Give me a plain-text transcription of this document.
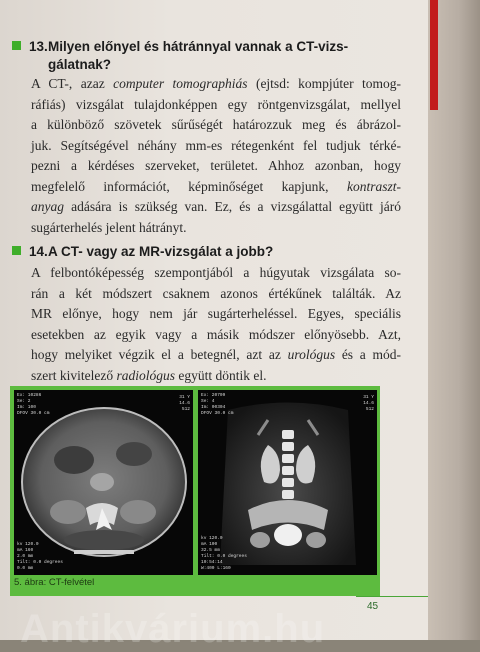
13.Milyen előnyel és hátránnyal vannak a CT-vizs-
gálatnak?
A CT-, azaz computer tomographiás (ejtsd: kompjúter tomog-
ráfiás) vizsgálat tulajdonképpen egy röntgenvizsgálat, mellyel
a különböző szövetek sűrűségét határozzuk meg és ábrázol-
juk. Segítségével néhány mm-es rétegenként fel tudjuk térké-
pezni a kérdéses szerveket, területet. Ahhoz azonban, hogy
megfelelő információt, képminőséget kapjunk, kontraszt-
anyag adására is szükség van. Ez, és a vizsgálattal együtt járó
sugárterhelés jelent hátrányt.
14.A CT- vagy az MR-vizsgálat a jobb?
A felbontóképesség szempontjából a húgyutak vizsgálata so-
rán a két módszert csaknem azonos értékűnek találták. Az
MR előnye, hogy nem jár sugárterheléssel. Egyes, speciális
esetekben az egyik vagy a másik módszer előnyösebb. Azt,
hogy melyiket végzik el a betegnél, azt az urológus és a mód-
szert kivitelező radiológus együtt döntik el.
Ex: 10286
Se: 2
Im: 100
DFOV 30.0 cm
31 Y
14.6
512
kv 120.0
mA 160
2.0 mm
Tilt: 0.0 degrees
0.0 mm
Ex: 20709
Se: 4
Im: 00304
DFOV 30.0 cm
31 Y
14.6
512
kv 120.0
mA 100
32.5 mm
Tilt: 0.0 degrees
10:54:14
W:400 L:160
5. ábra: CT-felvétel
45
Antikvárium.hu
